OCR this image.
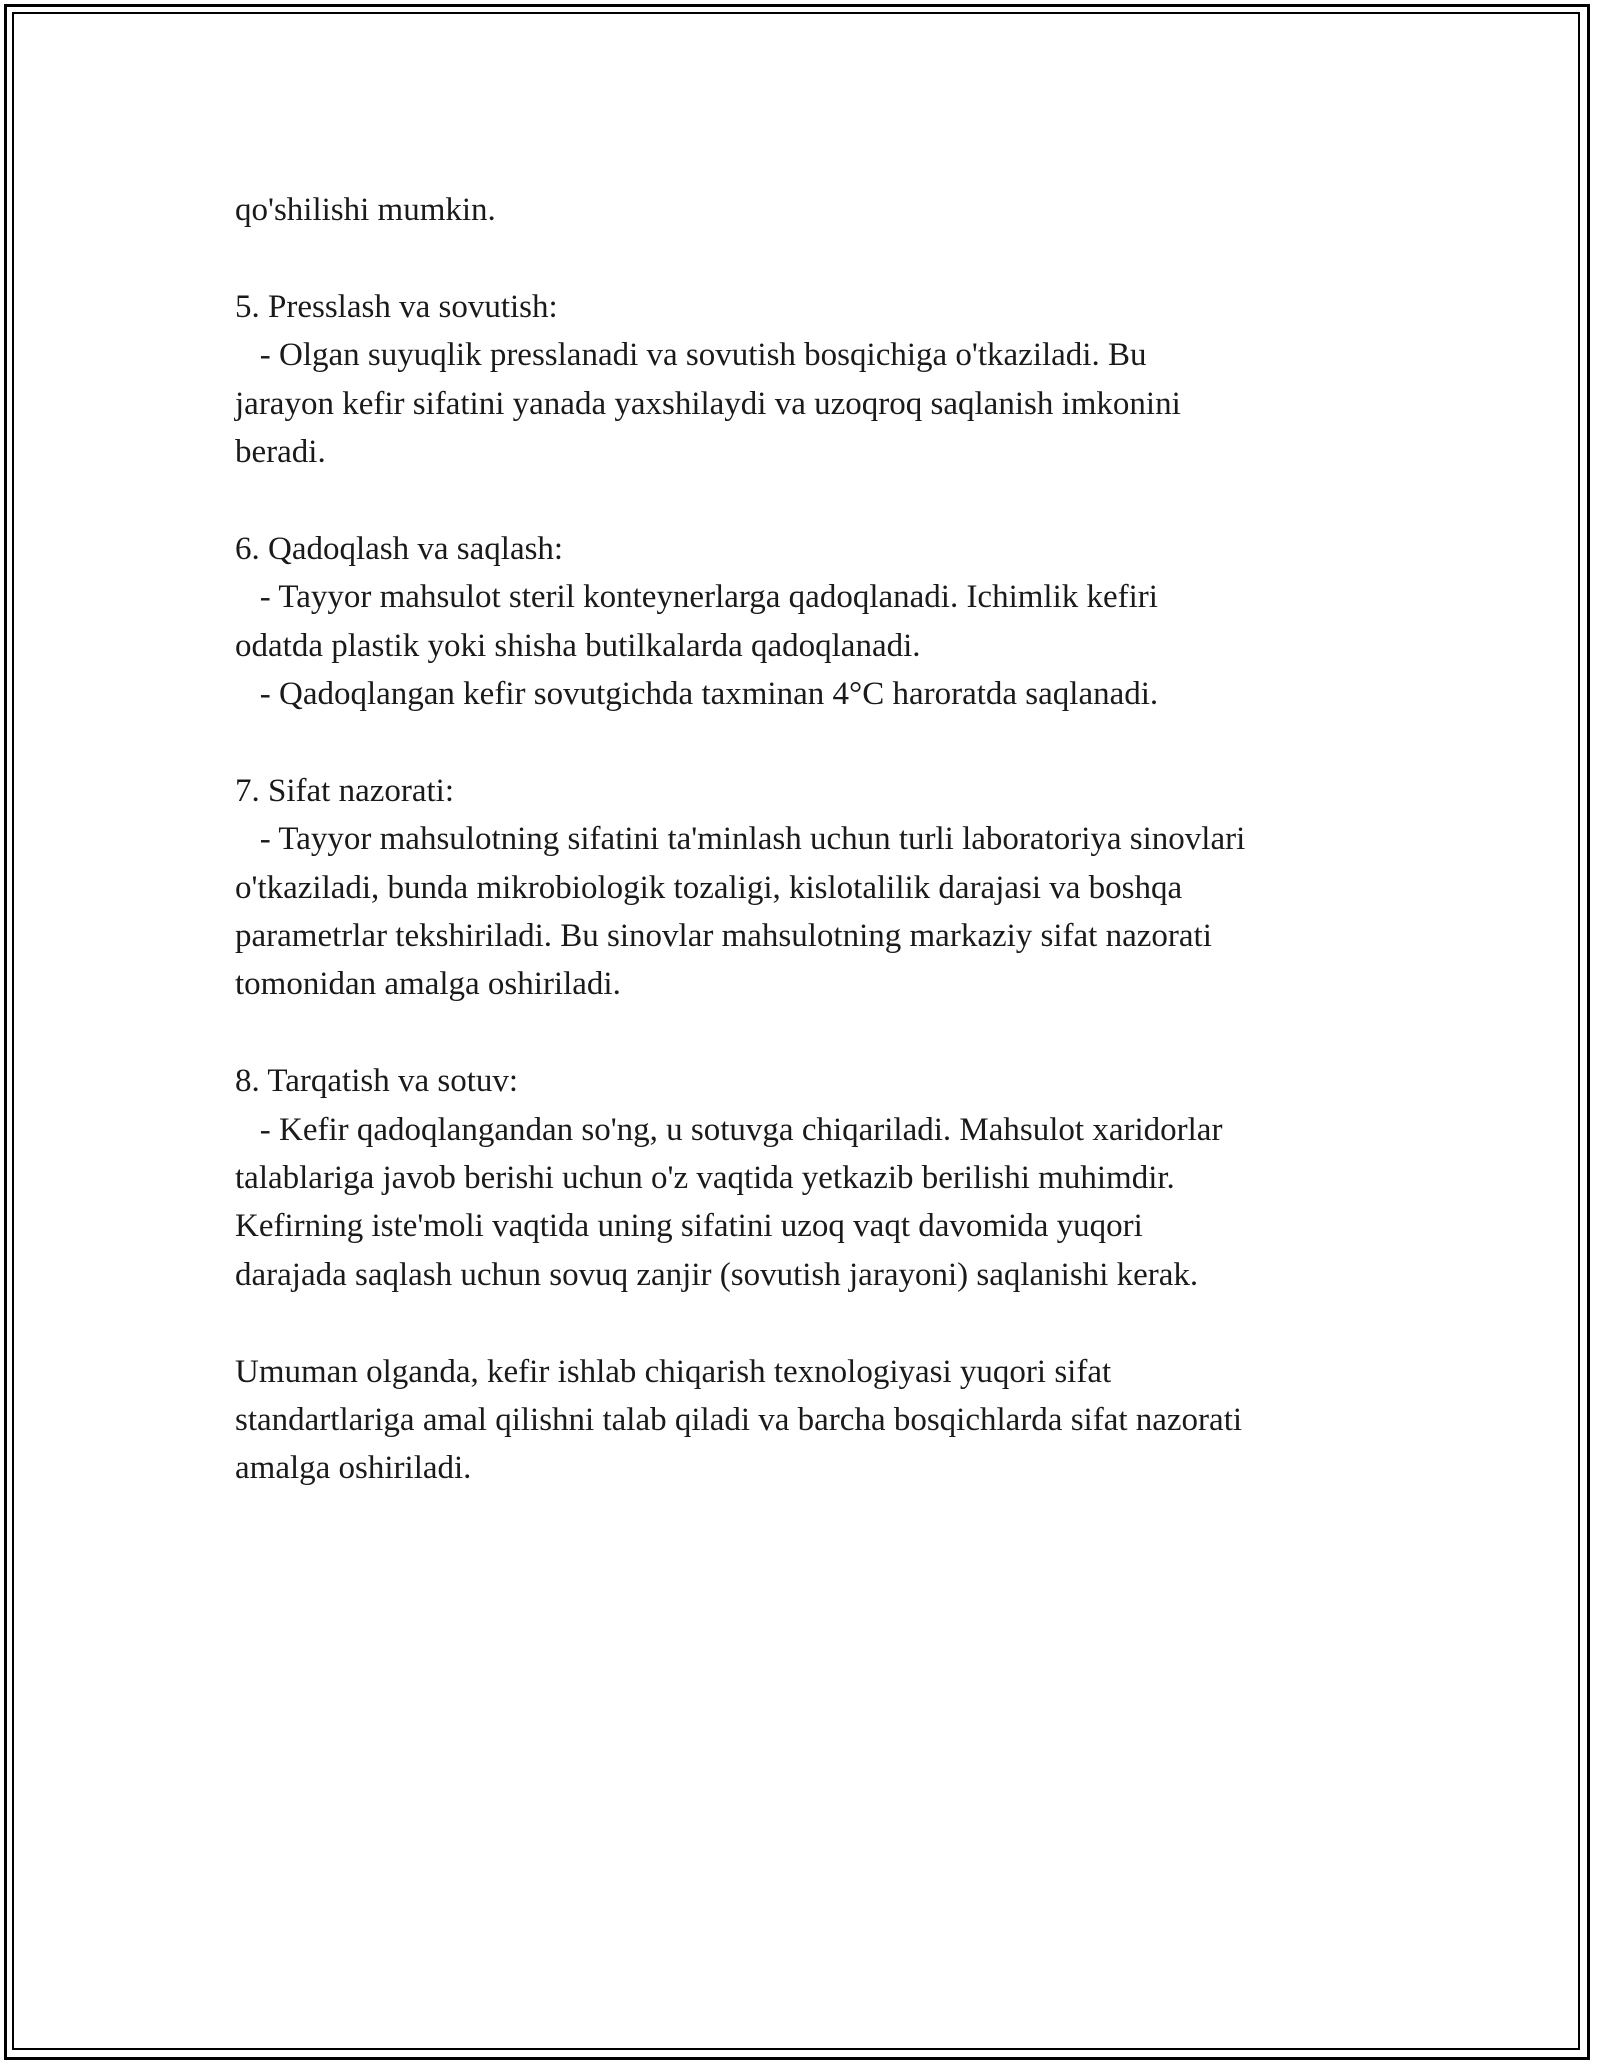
qo'shilishi mumkin.
5. Presslash va sovutish:
- Olgan suyuqlik presslanadi va sovutish bosqichiga o'tkaziladi. Bu
jarayon kefir sifatini yanada yaxshilaydi va uzoqroq saqlanish imkonini
beradi.
6. Qadoqlash va saqlash:
- Tayyor mahsulot steril konteynerlarga qadoqlanadi. Ichimlik kefiri
odatda plastik yoki shisha butilkalarda qadoqlanadi.
- Qadoqlangan kefir sovutgichda taxminan 4°C haroratda saqlanadi.
7. Sifat nazorati:
- Tayyor mahsulotning sifatini ta'minlash uchun turli laboratoriya sinovlari
o'tkaziladi, bunda mikrobiologik tozaligi, kislotalilik darajasi va boshqa
parametrlar tekshiriladi. Bu sinovlar mahsulotning markaziy sifat nazorati
tomonidan amalga oshiriladi.
8. Tarqatish va sotuv:
- Kefir qadoqlangandan so'ng, u sotuvga chiqariladi. Mahsulot xaridorlar
talablariga javob berishi uchun o'z vaqtida yetkazib berilishi muhimdir.
Kefirning iste'moli vaqtida uning sifatini uzoq vaqt davomida yuqori
darajada saqlash uchun sovuq zanjir (sovutish jarayoni) saqlanishi kerak.
Umuman olganda, kefir ishlab chiqarish texnologiyasi yuqori sifat
standartlariga amal qilishni talab qiladi va barcha bosqichlarda sifat nazorati
amalga oshiriladi.
